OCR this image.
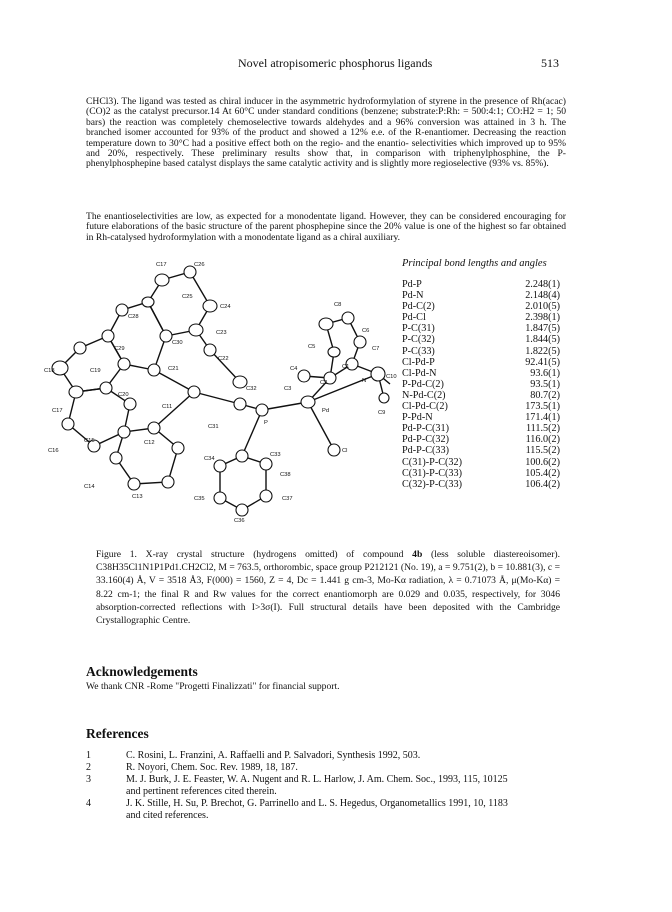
Novel atropisomeric phosphorus ligands	513
CHCl3). The ligand was tested as chiral inducer in the asymmetric hydroformylation of styrene in the presence of Rh(acac)(CO)2 as the catalyst precursor.14 At 60°C under standard conditions (benzene; substrate:P:Rh: = 500:4:1; CO:H2 = 1; 50 bars) the reaction was completely chemoselective towards aldehydes and a 96% conversion was attained in 3 h. The branched isomer accounted for 93% of the product and showed a 12% e.e. of the R-enantiomer. Decreasing the reaction temperature down to 30°C had a positive effect both on the regio- and the enantio- selectivities which improved up to 95% and 20%, respectively. These preliminary results show that, in comparison with triphenylphosphine, the P-phenylphosphepine based catalyst displays the same catalytic activity and is slightly more regioselective (93% vs. 85%).
The enantioselectivities are low, as expected for a monodentate ligand. However, they can be considered encouraging for future elaborations of the basic structure of the parent phosphepine since the 20% value is one of the highest so far obtained in Rh-catalysed hydroformylation with a monodentate ligand as a chiral auxiliary.
C17	C26
C25
C24
C28
C23
C30
C29
C22
C18	C19	C21
C20
C11
C32
C17
C31
C16
C15	C12
C14
C13
C34
C33
C38
C35	C37
C36
C8
C5
C6
C7
C1
C4
C2
C3
N
C10
C9
Pd
P
Cl
Principal bond lengths and angles
Pd-P	2.248(1)
Pd-N	2.148(4)
Pd-C(2)	2.010(5)
Pd-Cl	2.398(1)
P-C(31)	1.847(5)
P-C(32)	1.844(5)
P-C(33)	1.822(5)
Cl-Pd-P	92.41(5)
Cl-Pd-N	93.6(1)
P-Pd-C(2)	93.5(1)
N-Pd-C(2)	80.7(2)
Cl-Pd-C(2)	173.5(1)
P-Pd-N	171.4(1)
Pd-P-C(31)	111.5(2)
Pd-P-C(32)	116.0(2)
Pd-P-C(33)	115.5(2)
C(31)-P-C(32)	100.6(2)
C(31)-P-C(33)	105.4(2)
C(32)-P-C(33)	106.4(2)
Figure 1. X-ray crystal structure (hydrogens omitted) of compound 4b (less soluble diastereoisomer). C38H35Cl1N1P1Pd1.CH2Cl2, M = 763.5, orthorombic, space group P212121 (No. 19), a = 9.751(2), b = 10.881(3), c = 33.160(4) Å, V = 3518 Å3, F(000) = 1560, Z = 4, Dc = 1.441 g cm-3, Mo-Kα radiation, λ = 0.71073 Å, μ(Mo-Kα) = 8.22 cm-1; the final R and Rw values for the correct enantiomorph are 0.029 and 0.035, respectively, for 3046 absorption-corrected reflections with I>3σ(I). Full structural details have been deposited with the Cambridge Crystallographic Centre.
Acknowledgements
We thank CNR -Rome "Progetti Finalizzati" for financial support.
References
1	C. Rosini, L. Franzini, A. Raffaelli and P. Salvadori, Synthesis 1992, 503.
2	R. Noyori, Chem. Soc. Rev. 1989, 18, 187.
3	M. J. Burk, J. E. Feaster, W. A. Nugent and R. L. Harlow, J. Am. Chem. Soc., 1993, 115, 10125
and pertinent references cited therein.
4	J. K. Stille, H. Su, P. Brechot, G. Parrinello and L. S. Hegedus, Organometallics 1991, 10, 1183
and cited references.
